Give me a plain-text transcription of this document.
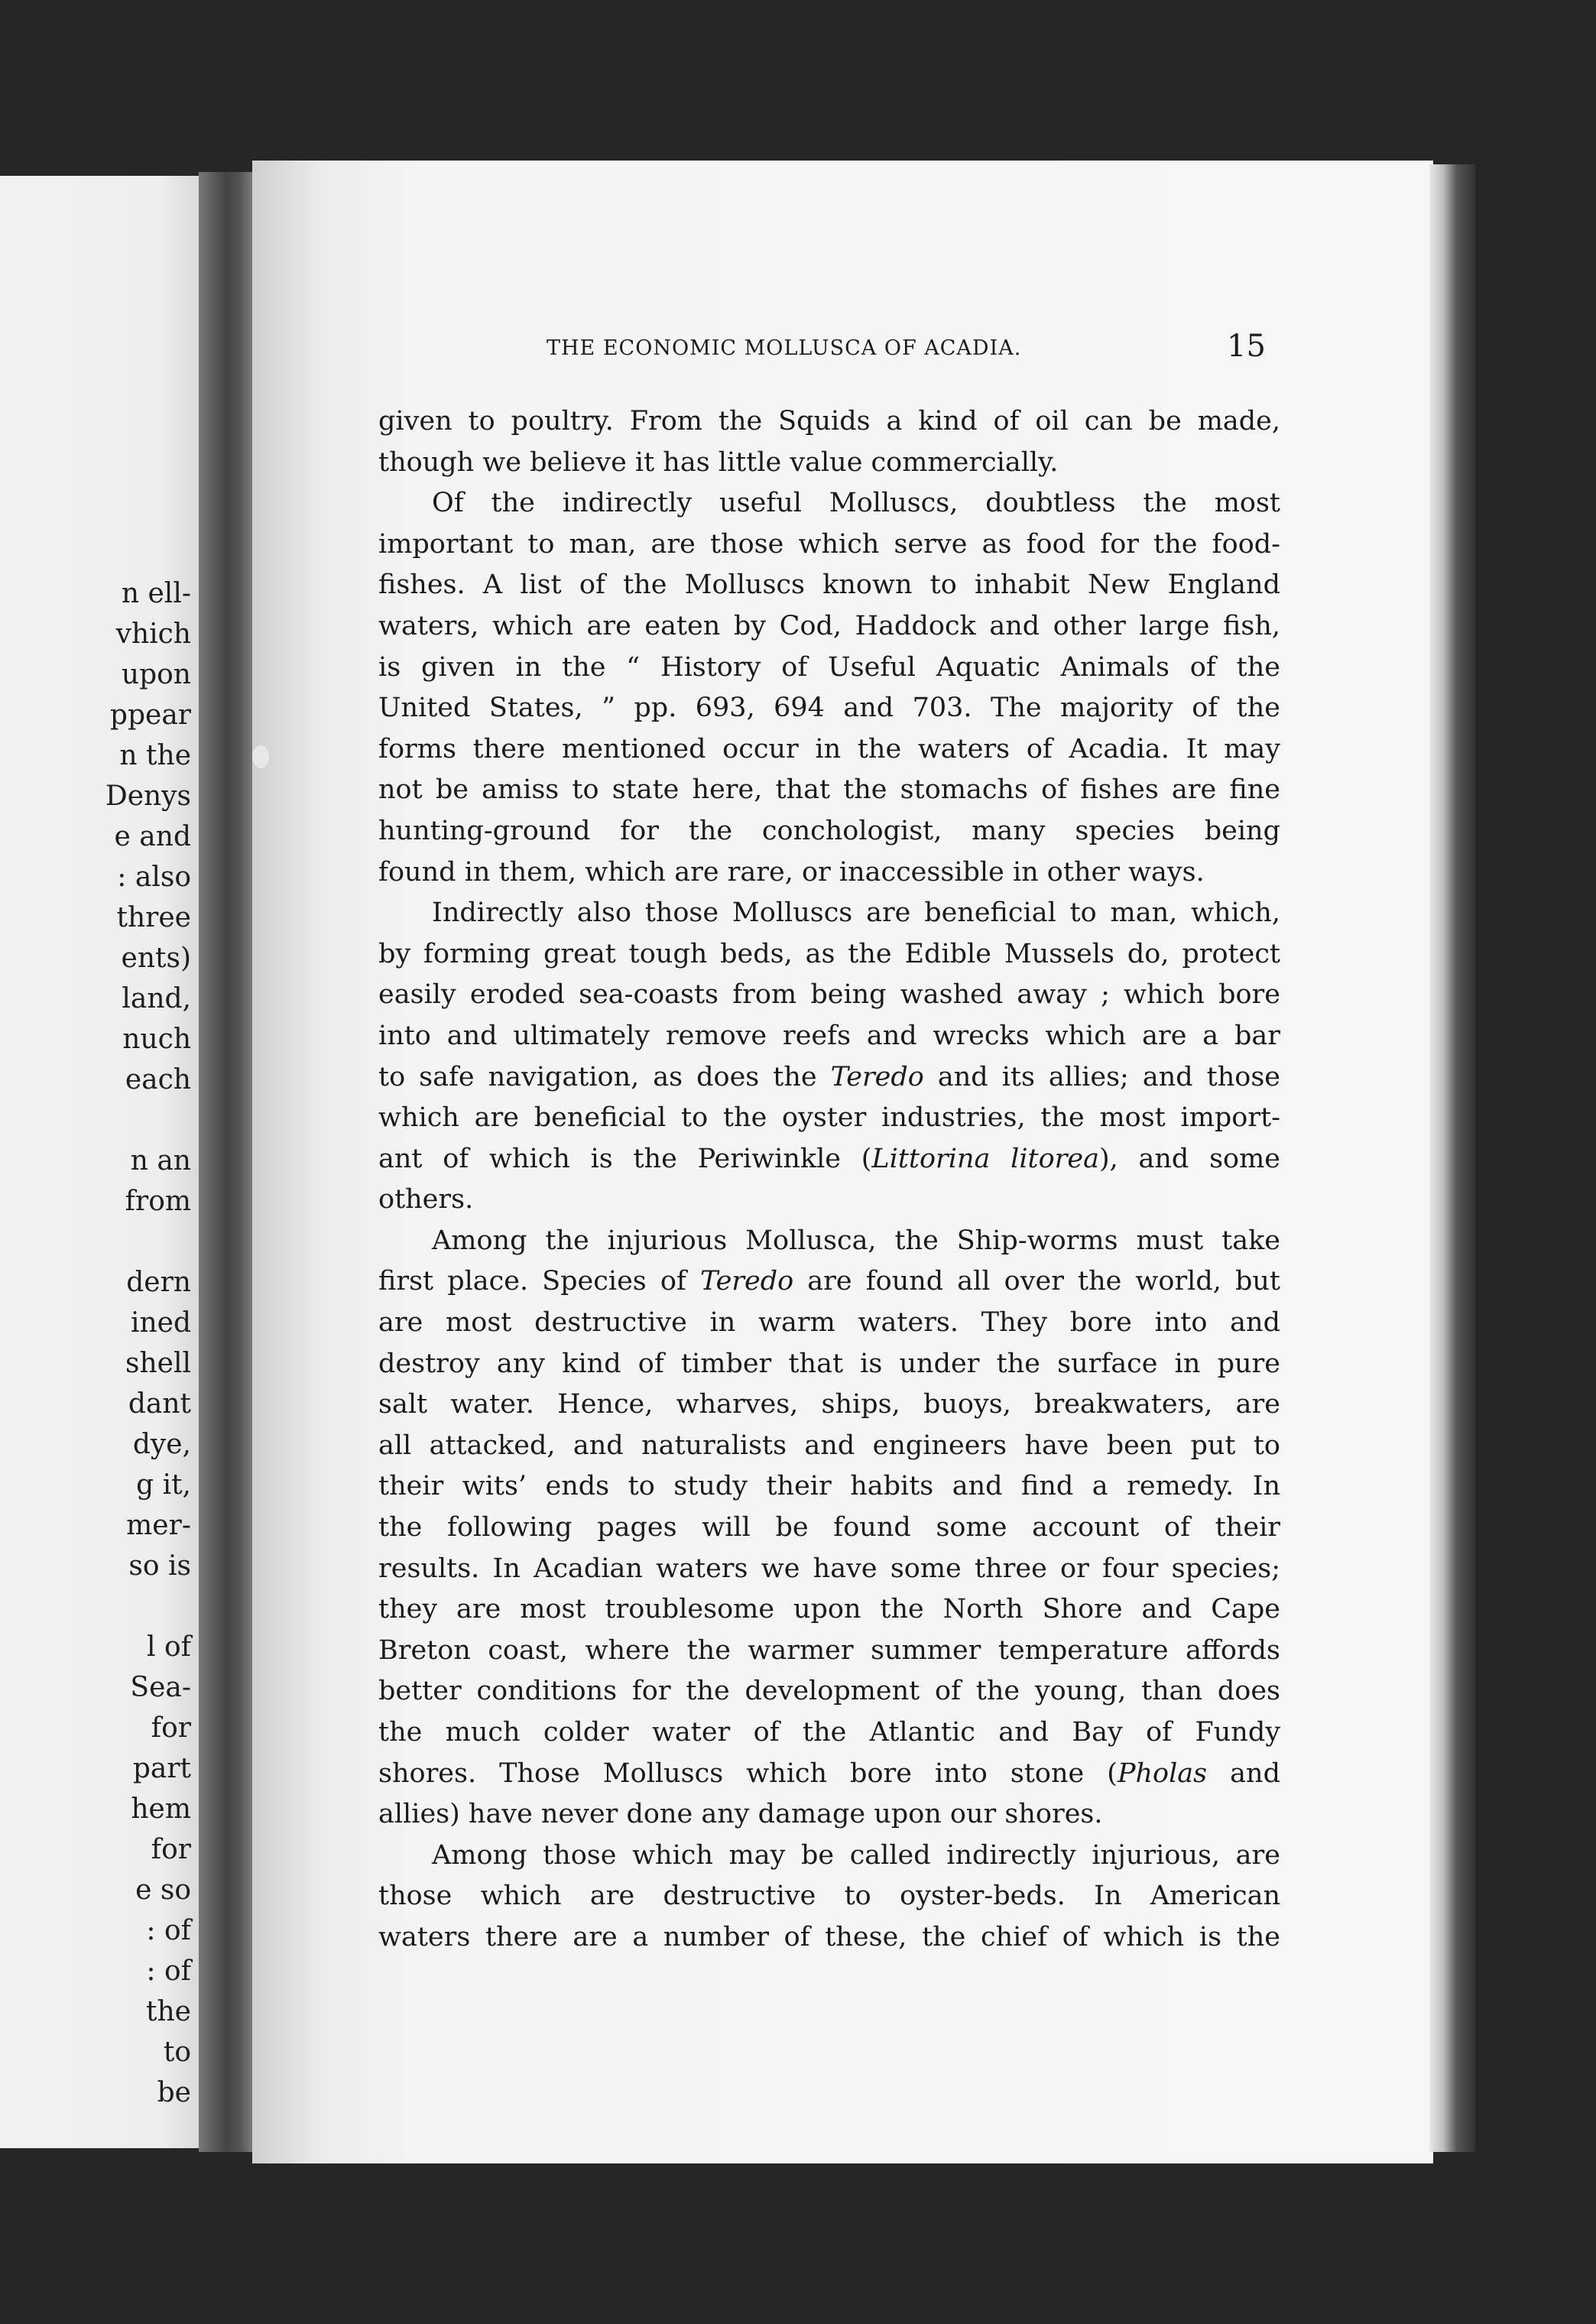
n ell-
vhich
upon
ppear
n the
Denys
e and
: also
three
ents)
land,
nuch
each
n an
from
dern
ined
shell
dant
dye,
g it,
mer-
so is
l of
Sea-
for
part
hem
for
e so
: of
: of
the
to
be
THE ECONOMIC MOLLUSCA OF ACADIA.	15
given to poultry. From the Squids a kind of oil can be made,
though we believe it has little value commercially.
Of the indirectly useful Molluscs, doubtless the most
important to man, are those which serve as food for the food-
fishes. A list of the Molluscs known to inhabit New England
waters, which are eaten by Cod, Haddock and other large fish,
is given in the “ History of Useful Aquatic Animals of the
United States, ” pp. 693, 694 and 703. The majority of the
forms there mentioned occur in the waters of Acadia. It may
not be amiss to state here, that the stomachs of fishes are fine
hunting-ground for the conchologist, many species being
found in them, which are rare, or inaccessible in other ways.
Indirectly also those Molluscs are beneficial to man, which,
by forming great tough beds, as the Edible Mussels do, protect
easily eroded sea-coasts from being washed away ; which bore
into and ultimately remove reefs and wrecks which are a bar
to safe navigation, as does the Teredo and its allies; and those
which are beneficial to the oyster industries, the most import-
ant of which is the Periwinkle (Littorina litorea), and some
others.
Among the injurious Mollusca, the Ship-worms must take
first place. Species of Teredo are found all over the world, but
are most destructive in warm waters. They bore into and
destroy any kind of timber that is under the surface in pure
salt water. Hence, wharves, ships, buoys, breakwaters, are
all attacked, and naturalists and engineers have been put to
their wits’ ends to study their habits and find a remedy. In
the following pages will be found some account of their
results. In Acadian waters we have some three or four species;
they are most troublesome upon the North Shore and Cape
Breton coast, where the warmer summer temperature affords
better conditions for the development of the young, than does
the much colder water of the Atlantic and Bay of Fundy
shores. Those Molluscs which bore into stone (Pholas and
allies) have never done any damage upon our shores.
Among those which may be called indirectly injurious, are
those which are destructive to oyster-beds. In American
waters there are a number of these, the chief of which is the
